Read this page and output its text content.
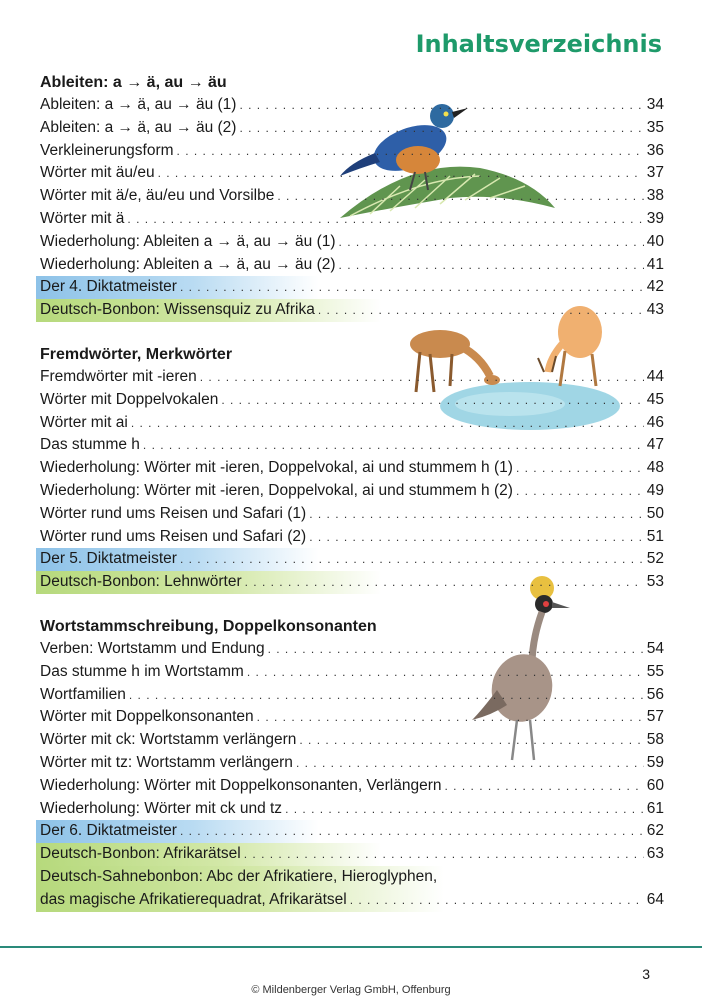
Inhaltsverzeichnis
Ableiten: a → ä, au → äu
Ableiten: a → ä, au → äu (1) . . .	34
Ableiten: a → ä, au → äu (2) . . .	35
Verkleinerungsform . . .	36
Wörter mit äu/eu . . .	37
Wörter mit ä/e, äu/eu und Vorsilbe . . .	38
Wörter mit ä . . .	39
Wiederholung: Ableiten a → ä, au → äu (1) . . .	40
Wiederholung: Ableiten a → ä, au → äu (2) . . .	41
Der 4. Diktatmeister . . .	42
Deutsch-Bonbon: Wissensquiz zu Afrika . . .	43
Fremdwörter, Merkwörter
Fremdwörter mit -ieren . . .	44
Wörter mit Doppelvokalen . . .	45
Wörter mit ai . . .	46
Das stumme h . . .	47
Wiederholung: Wörter mit -ieren, Doppelvokal, ai und stummem h (1) . . .	48
Wiederholung: Wörter mit -ieren, Doppelvokal, ai und stummem h (2) . . .	49
Wörter rund ums Reisen und Safari (1) . . .	50
Wörter rund ums Reisen und Safari (2) . . .	51
Der 5. Diktatmeister . . .	52
Deutsch-Bonbon: Lehnwörter . . .	53
Wortstammschreibung, Doppelkonsonanten
Verben: Wortstamm und Endung . . .	54
Das stumme h im Wortstamm . . .	55
Wortfamilien . . .	56
Wörter mit Doppelkonsonanten . . .	57
Wörter mit ck: Wortstamm verlängern . . .	58
Wörter mit tz: Wortstamm verlängern . . .	59
Wiederholung: Wörter mit Doppelkonsonanten, Verlängern . . .	60
Wiederholung: Wörter mit ck und tz . . .	61
Der 6. Diktatmeister . . .	62
Deutsch-Bonbon: Afrikarätsel . . .	63
Deutsch-Sahnebonbon: Abc der Afrikatiere, Hieroglyphen,
das magische Afrikatierequadrat, Afrikarätsel . . .	64
3
© Mildenberger Verlag GmbH, Offenburg
